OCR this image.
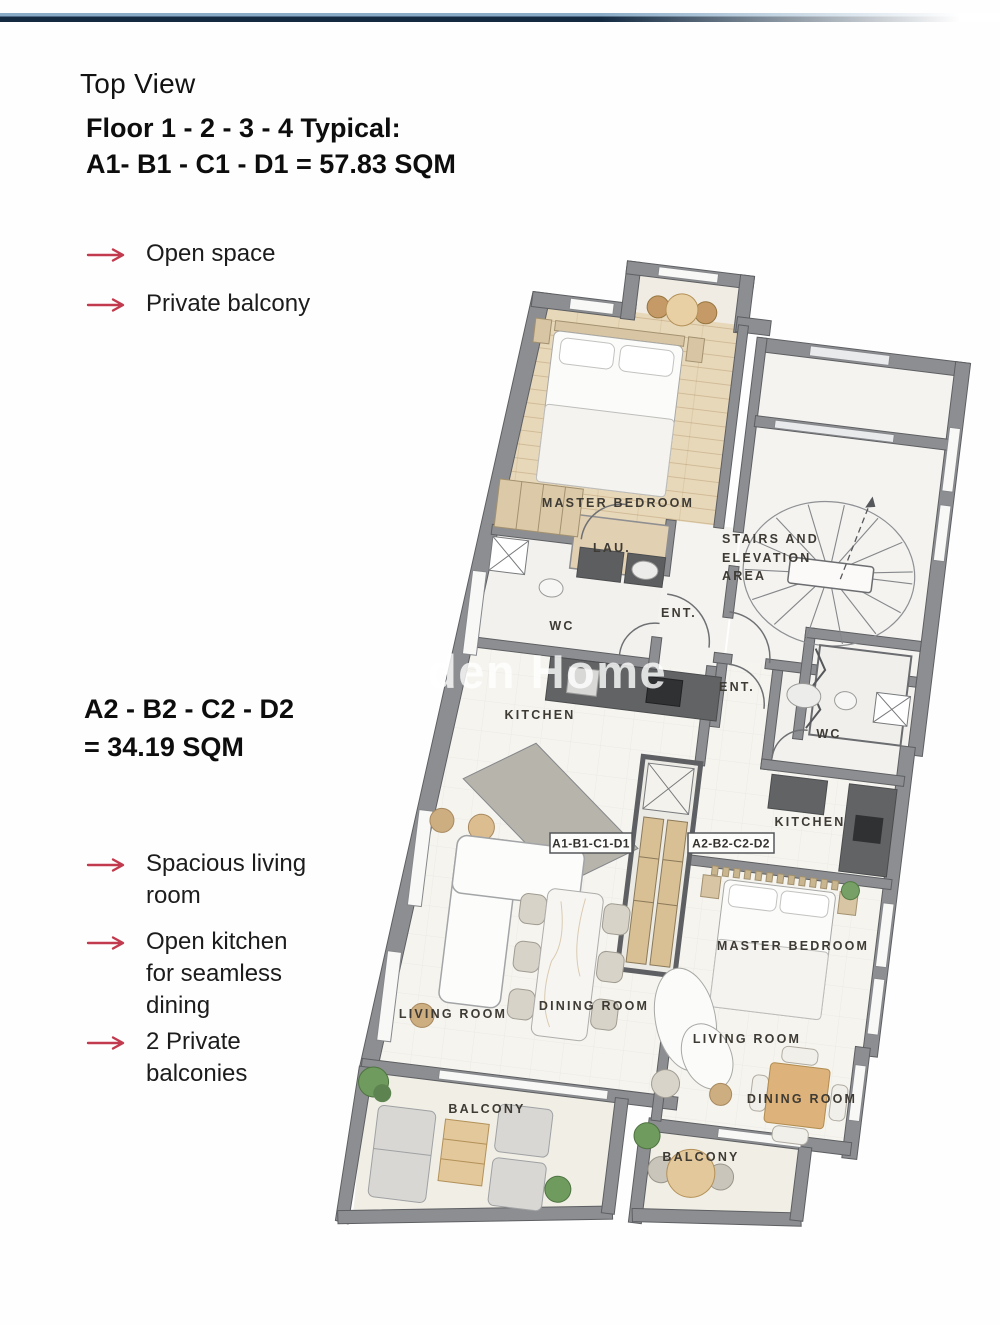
den Home
MASTER BEDROOM
LAU.
STAIRS AND
ELEVATION
AREA
WC
ENT.
ENT.
WC
KITCHEN
KITCHEN
MASTER BEDROOM
LIVING ROOM
DINING ROOM
LIVING ROOM
DINING ROOM
BALCONY
BALCONY
A1-B1-C1-D1	A2-B2-C2-D2
Top View
Floor 1 - 2 - 3 - 4 Typical:
A1- B1 - C1 - D1 = 57.83 SQM
Open space
Private balcony
A2 - B2 - C2 - D2
= 34.19 SQM
Spacious living
room
Open kitchen
for seamless
dining
2 Private
balconies
